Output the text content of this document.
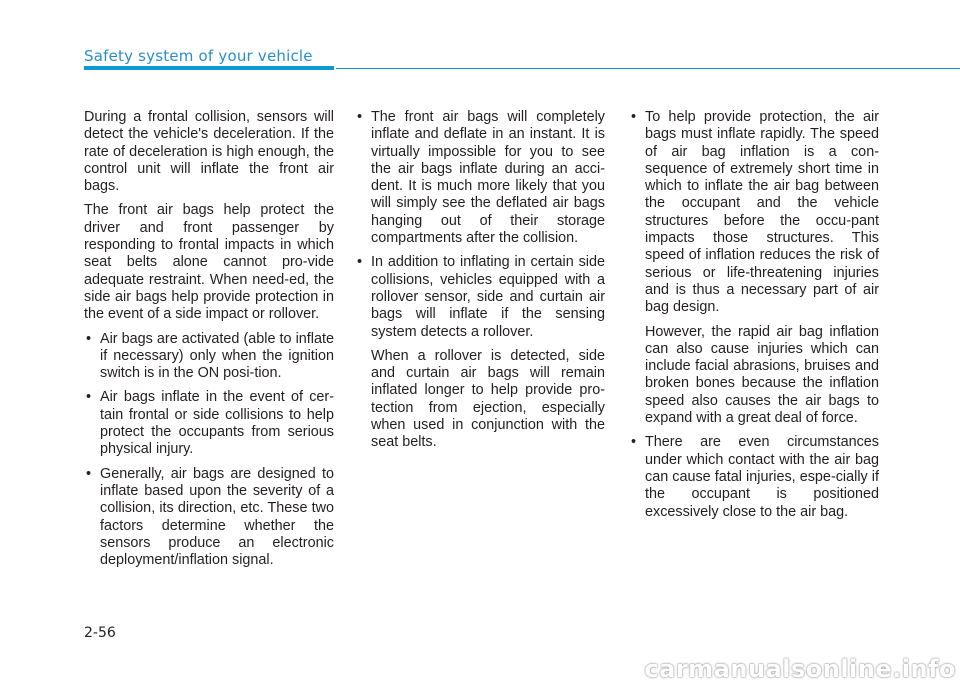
Safety system of your vehicle

During a frontal collision, sensors will detect the vehicle's deceleration. If the rate of deceleration is high enough, the control unit will inflate the front air bags.

The front air bags help protect the driver and front passenger by responding to frontal impacts in which seat belts alone cannot pro-vide adequate restraint. When need-ed, the side air bags help provide protection in the event of a side impact or rollover.

• Air bags are activated (able to inflate if necessary) only when the ignition switch is in the ON posi-tion.
• Air bags inflate in the event of cer-tain frontal or side collisions to help protect the occupants from serious physical injury.
• Generally, air bags are designed to inflate based upon the severity of a collision, its direction, etc. These two factors determine whether the sensors produce an electronic deployment/inflation signal.
• The front air bags will completely inflate and deflate in an instant. It is virtually impossible for you to see the air bags inflate during an acci-dent. It is much more likely that you will simply see the deflated air bags hanging out of their storage compartments after the collision.
• In addition to inflating in certain side collisions, vehicles equipped with a rollover sensor, side and curtain air bags will inflate if the sensing system detects a rollover.

When a rollover is detected, side and curtain air bags will remain inflated longer to help provide pro-tection from ejection, especially when used in conjunction with the seat belts.

• To help provide protection, the air bags must inflate rapidly. The speed of air bag inflation is a con-sequence of extremely short time in which to inflate the air bag between the occupant and the vehicle structures before the occu-pant impacts those structures. This speed of inflation reduces the risk of serious or life-threatening injuries and is thus a necessary part of air bag design.

However, the rapid air bag inflation can also cause injuries which can include facial abrasions, bruises and broken bones because the inflation speed also causes the air bags to expand with a great deal of force.

• There are even circumstances under which contact with the air bag can cause fatal injuries, espe-cially if the occupant is positioned excessively close to the air bag.
2-56
carmanualsonline.info
